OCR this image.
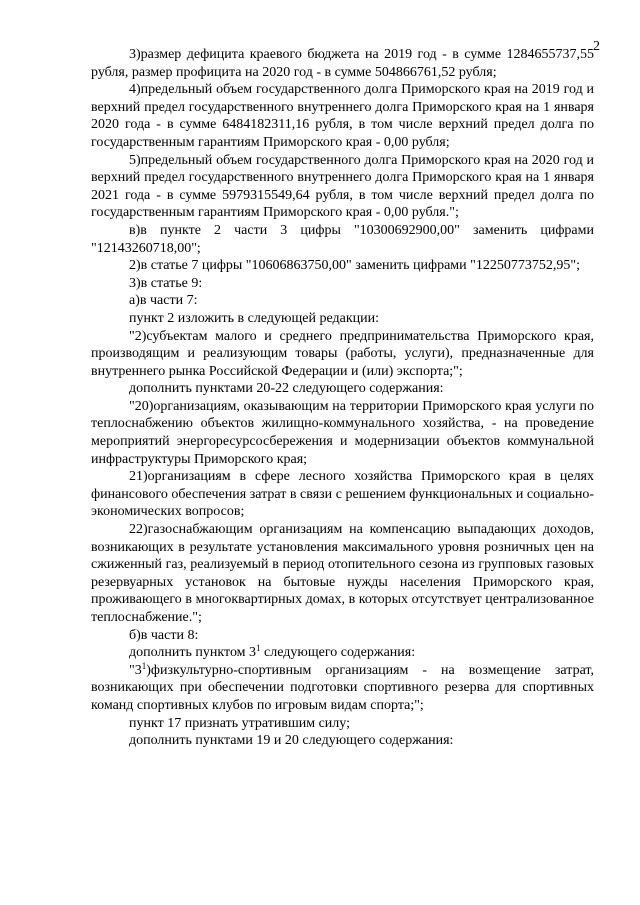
2

3)размер дефицита краевого бюджета на 2019 год - в сумме 1284655737,55 рубля, размер профицита на 2020 год - в сумме 504866761,52 рубля;

4)предельный объем государственного долга Приморского края на 2019 год и верхний предел государственного внутреннего долга Приморского края на 1 января 2020 года - в сумме 6484182311,16 рубля, в том числе верхний предел долга по государственным гарантиям Приморского края - 0,00 рубля;

5)предельный объем государственного долга Приморского края на 2020 год и верхний предел государственного внутреннего долга Приморского края на 1 января 2021 года - в сумме 5979315549,64 рубля, в том числе верхний предел долга по государственным гарантиям Приморского края - 0,00 рубля.";

в)в пункте 2 части 3 цифры "10300692900,00" заменить цифрами "12143260718,00";

2)в статье 7 цифры "10606863750,00" заменить цифрами "12250773752,95";

3)в статье 9:

а)в части 7:

пункт 2 изложить в следующей редакции:

"2)субъектам малого и среднего предпринимательства Приморского края, производящим и реализующим товары (работы, услуги), предназначенные для внутреннего рынка Российской Федерации и (или) экспорта;";

дополнить пунктами 20-22 следующего содержания:

"20)организациям, оказывающим на территории Приморского края услуги по теплоснабжению объектов жилищно-коммунального хозяйства, - на проведение мероприятий энергоресурсосбережения и модернизации объектов коммунальной инфраструктуры Приморского края;

21)организациям в сфере лесного хозяйства Приморского края в целях финансового обеспечения затрат в связи с решением функциональных и социально-экономических вопросов;

22)газоснабжающим организациям на компенсацию выпадающих доходов, возникающих в результате установления максимального уровня розничных цен на сжиженный газ, реализуемый в период отопительного сезона из групповых газовых резервуарных установок на бытовые нужды населения Приморского края, проживающего в многоквартирных домах, в которых отсутствует централизованное теплоснабжение.";

б)в части 8:

дополнить пунктом $3^1$ следующего содержания:

"$3^1)физкультурно$-спортивным организациям - на возмещение затрат, возникающих при обеспечении подготовки спортивного резерва для спортивных команд спортивных клубов по игровым видам спорта;";

пункт 17 признать утратившим силу;

дополнить пунктами 19 и 20 следующего содержания:
